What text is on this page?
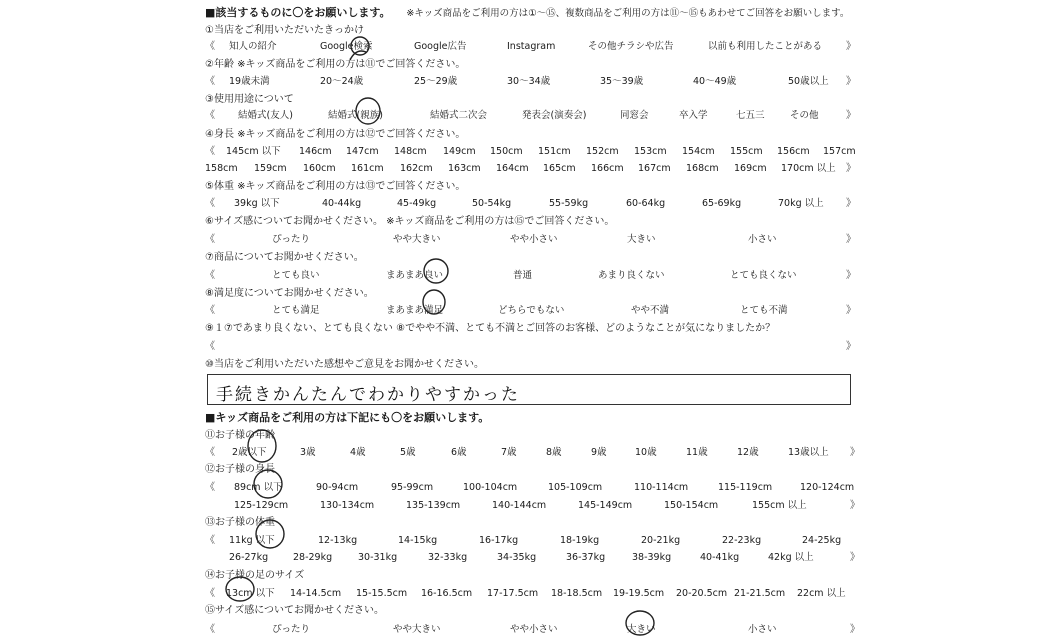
■該当するものに〇をお願いします。 ※キッズ商品をご利用の方は①〜⑮、複数商品をご利用の方は⑪〜⑮もあわせてご回答をお願いします。
①当店をご利用いただいたきっかけ
《 知人の紹介	Google検索	Google広告	Instagram	その他チラシや広告	以前も利用したことがある 》
②年齢 ※キッズ商品をご利用の方は⑪でご回答ください。
《 19歳未満	20〜24歳	25〜29歳	30〜34歳	35〜39歳	40〜49歳	50歳以上 》
③使用用途について
《 結婚式(友人)	結婚式(親族)	結婚式二次会	発表会(演奏会)	同窓会	卒入学	七五三	その他	》
④身長 ※キッズ商品をご利用の方は⑫でご回答ください。
《 145cm 以下 146cm 147cm 148cm 149cm 150cm 151cm 152cm 153cm 154cm 155cm 156cm 157cm
158cm 159cm 160cm 161cm 162cm 163cm 164cm 165cm 166cm 167cm 168cm 169cm 170cm 以上 》
⑤体重 ※キッズ商品をご利用の方は⑬でご回答ください。
《 39kg 以下	40-44kg	45-49kg	50-54kg	55-59kg	60-64kg	65-69kg	70kg 以上 》
⑥サイズ感についてお聞かせください。 ※キッズ商品をご利用の方は⑮でご回答ください。
《	ぴったり	やや大きい	やや小さい	大きい	小さい	》
⑦商品についてお聞かせください。
《	とても良い	まあまあ良い	普通	あまり良くない	とても良くない	》
⑧満足度についてお聞かせください。
《	とても満足	まあまあ満足	どちらでもない	やや不満	とても不満	》
⑨１⑦であまり良くない、とても良くない ⑧でやや不満、とても不満とご回答のお客様、どのようなことが気になりましたか？
《	》
⑩当店をご利用いただいた感想やご意見をお聞かせください。
手続きかんたんでわかりやすかった
■キッズ商品をご利用の方は下記にも〇をお願いします。
⑪お子様の年齢
《 2歳以下	3歳	4歳	5歳	6歳	7歳	8歳	9歳	10歳	11歳	12歳	13歳以上 》
⑫お子様の身長
《 89cm 以下	90-94cm	95-99cm	100-104cm	105-109cm	110-114cm	115-119cm	120-124cm
125-129cm	130-134cm	135-139cm	140-144cm	145-149cm	150-154cm	155cm 以上	》
⑬お子様の体重
《 11kg 以下	12-13kg	14-15kg	16-17kg	18-19kg	20-21kg	22-23kg	24-25kg
26-27kg	28-29kg	30-31kg	32-33kg	34-35kg	36-37kg	38-39kg	40-41kg	42kg 以上	》
⑭お子様の足のサイズ
《 13cm 以下 14-14.5cm 15-15.5cm 16-16.5cm 17-17.5cm 18-18.5cm 19-19.5cm 20-20.5cm 21-21.5cm 22cm 以上
⑮サイズ感についてお聞かせください。
《	ぴったり	やや大きい	やや小さい	大きい	小さい	》
